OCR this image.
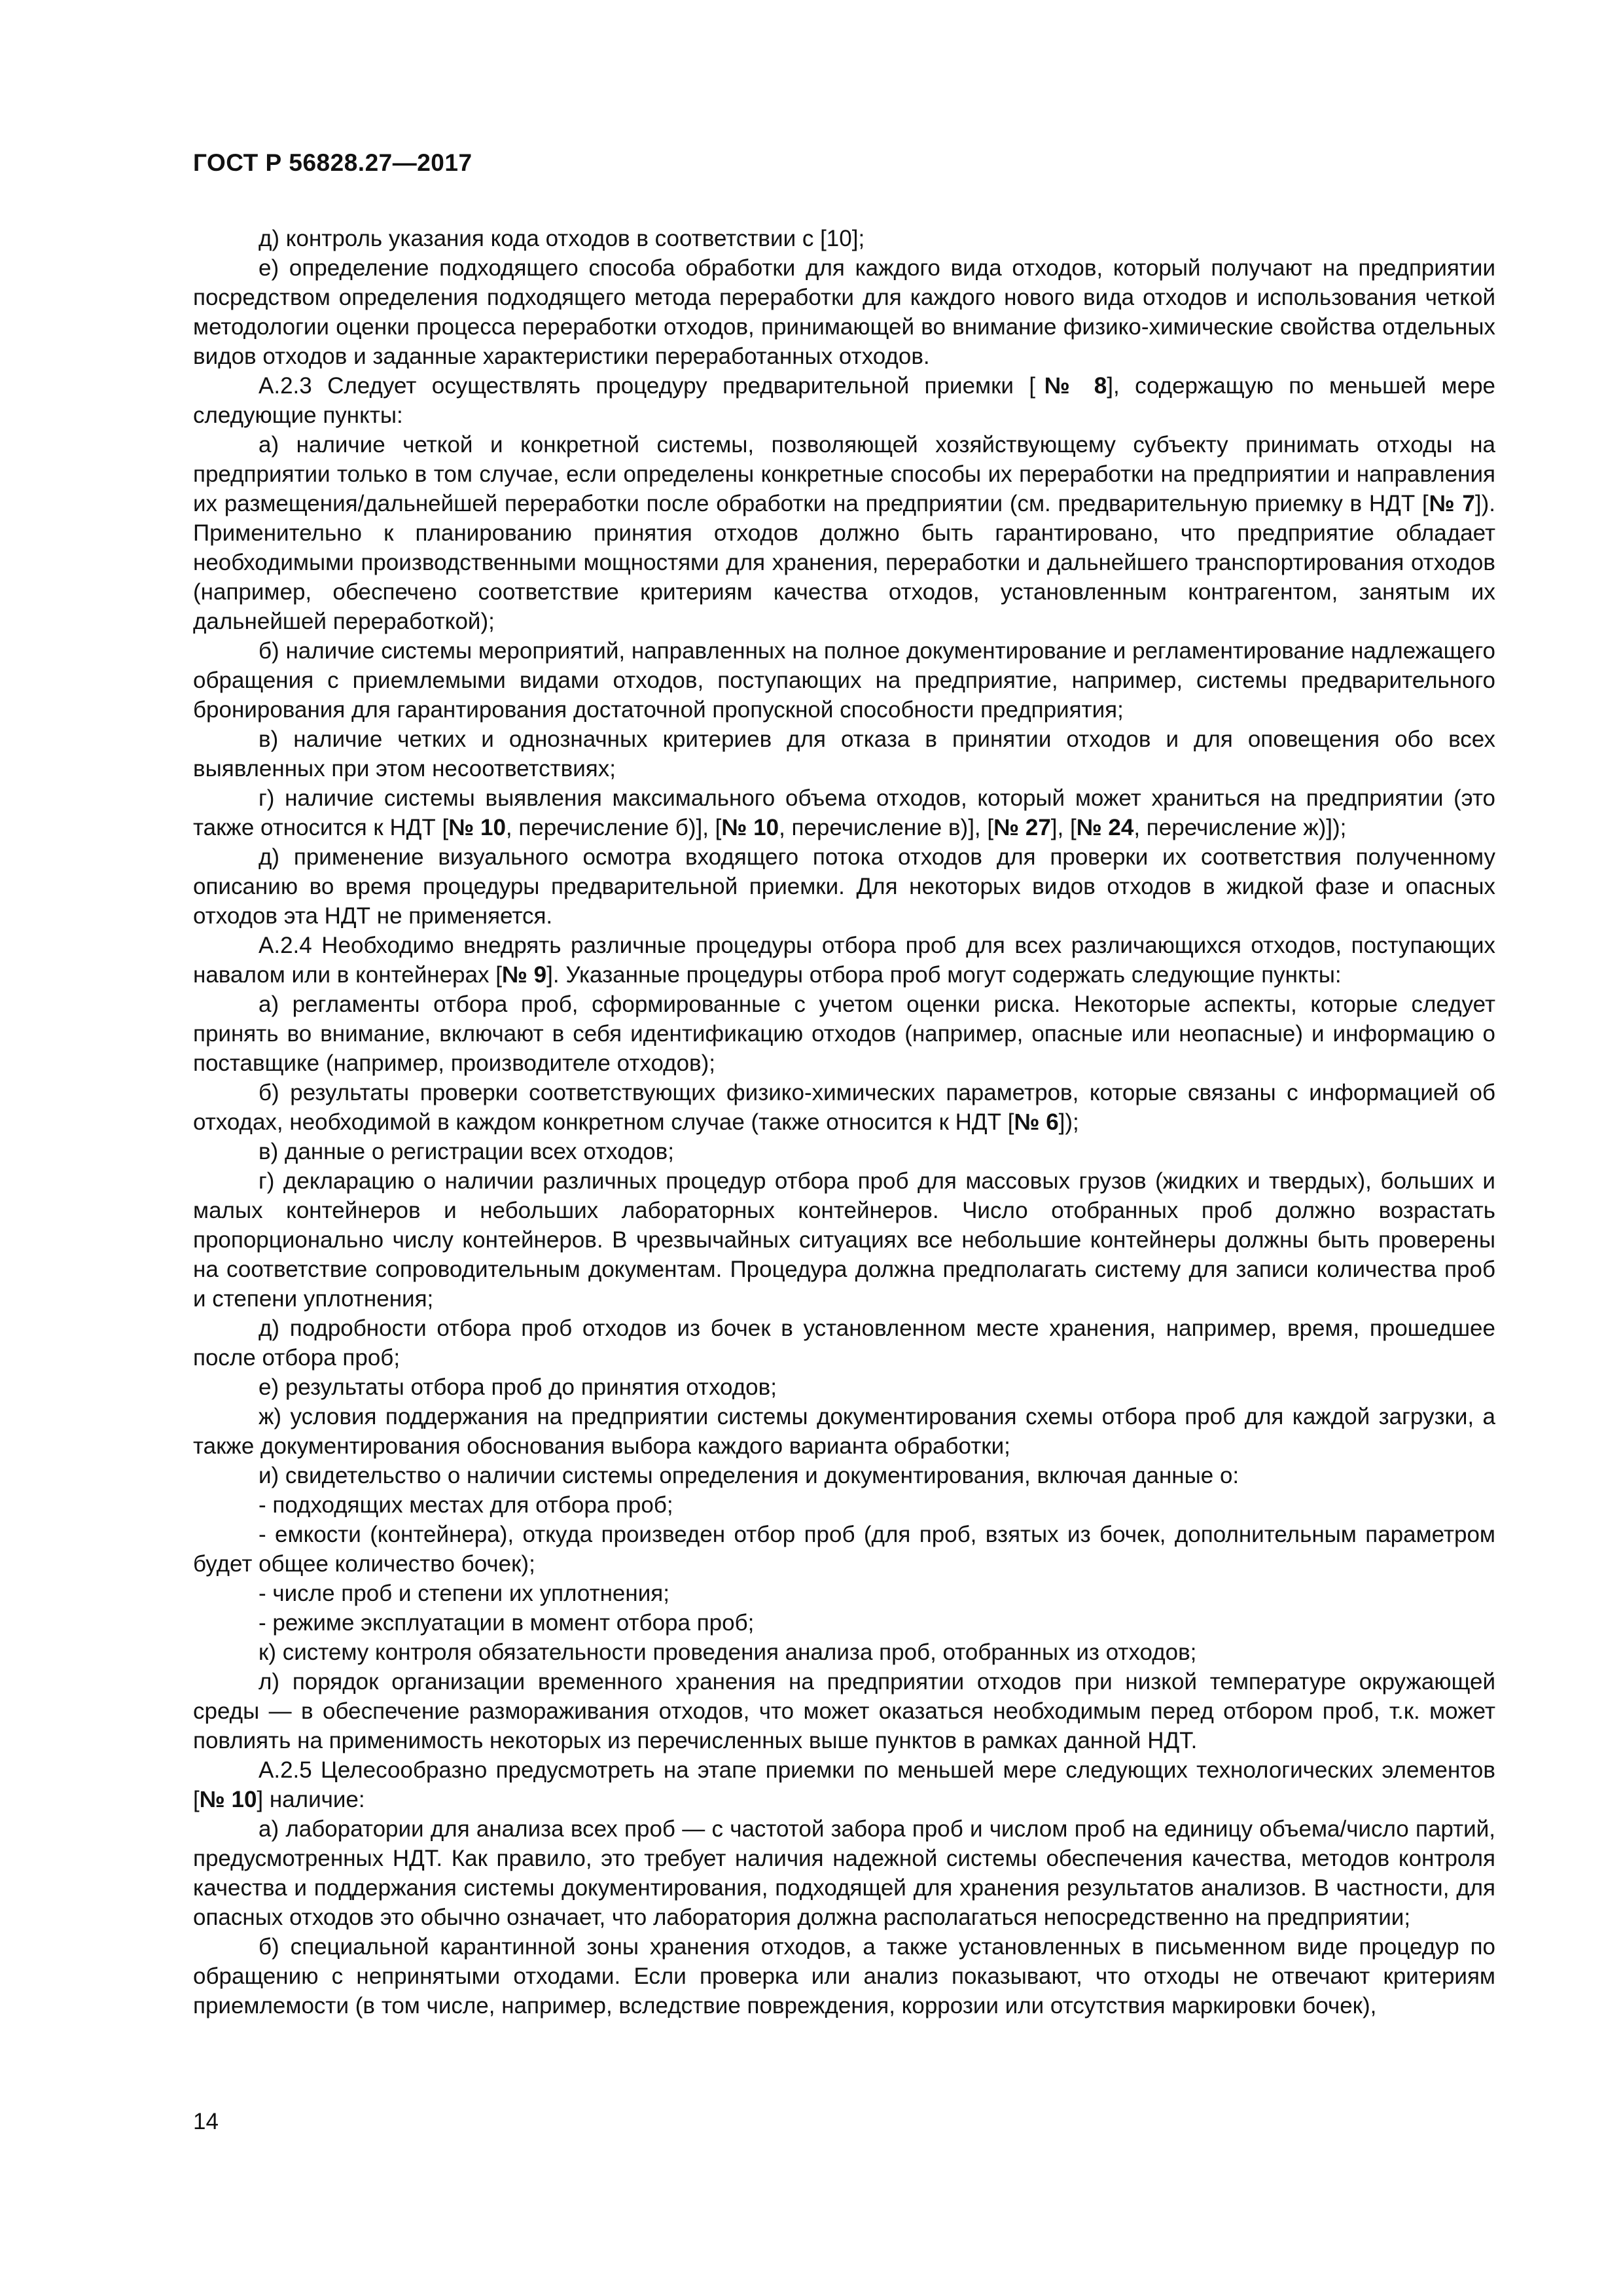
ГОСТ Р 56828.27—2017

д) контроль указания кода отходов в соответствии с [10];

е) определение подходящего способа обработки для каждого вида отходов, который получают на предприятии посредством определения подходящего метода переработки для каждого нового вида отходов и использования четкой методологии оценки процесса переработки отходов, принимающей во внимание физико-химические свойства отдельных видов отходов и заданные характеристики переработанных отходов.

А.2.3 Следует осуществлять процедуру предварительной приемки [№ 8], содержащую по меньшей мере следующие пункты:

а) наличие четкой и конкретной системы, позволяющей хозяйствующему субъекту принимать отходы на предприятии только в том случае, если определены конкретные способы их переработки на предприятии и направления их размещения/дальнейшей переработки после обработки на предприятии (см. предварительную приемку в НДТ [№ 7]). Применительно к планированию принятия отходов должно быть гарантировано, что предприятие обладает необходимыми производственными мощностями для хранения, переработки и дальнейшего транспортирования отходов (например, обеспечено соответствие критериям качества отходов, установленным контрагентом, занятым их дальнейшей переработкой);

б) наличие системы мероприятий, направленных на полное документирование и регламентирование надлежащего обращения с приемлемыми видами отходов, поступающих на предприятие, например, системы предварительного бронирования для гарантирования достаточной пропускной способности предприятия;

в) наличие четких и однозначных критериев для отказа в принятии отходов и для оповещения обо всех выявленных при этом несоответствиях;

г) наличие системы выявления максимального объема отходов, который может храниться на предприятии (это также относится к НДТ [№ 10, перечисление б)], [№ 10, перечисление в)], [№ 27], [№ 24, перечисление ж)]);

д) применение визуального осмотра входящего потока отходов для проверки их соответствия полученному описанию во время процедуры предварительной приемки. Для некоторых видов отходов в жидкой фазе и опасных отходов эта НДТ не применяется.

А.2.4 Необходимо внедрять различные процедуры отбора проб для всех различающихся отходов, поступающих навалом или в контейнерах [№ 9]. Указанные процедуры отбора проб могут содержать следующие пункты:

а) регламенты отбора проб, сформированные с учетом оценки риска. Некоторые аспекты, которые следует принять во внимание, включают в себя идентификацию отходов (например, опасные или неопасные) и информацию о поставщике (например, производителе отходов);

б) результаты проверки соответствующих физико-химических параметров, которые связаны с информацией об отходах, необходимой в каждом конкретном случае (также относится к НДТ [№ 6]);

в) данные о регистрации всех отходов;

г) декларацию о наличии различных процедур отбора проб для массовых грузов (жидких и твердых), больших и малых контейнеров и небольших лабораторных контейнеров. Число отобранных проб должно возрастать пропорционально числу контейнеров. В чрезвычайных ситуациях все небольшие контейнеры должны быть проверены на соответствие сопроводительным документам. Процедура должна предполагать систему для записи количества проб и степени уплотнения;

д) подробности отбора проб отходов из бочек в установленном месте хранения, например, время, прошедшее после отбора проб;

е) результаты отбора проб до принятия отходов;

ж) условия поддержания на предприятии системы документирования схемы отбора проб для каждой загрузки, а также документирования обоснования выбора каждого варианта обработки;

и) свидетельство о наличии системы определения и документирования, включая данные о:

- подходящих местах для отбора проб;

- емкости (контейнера), откуда произведен отбор проб (для проб, взятых из бочек, дополнительным параметром будет общее количество бочек);

- числе проб и степени их уплотнения;

- режиме эксплуатации в момент отбора проб;

к) систему контроля обязательности проведения анализа проб, отобранных из отходов;

л) порядок организации временного хранения на предприятии отходов при низкой температуре окружающей среды — в обеспечение размораживания отходов, что может оказаться необходимым перед отбором проб, т.к. может повлиять на применимость некоторых из перечисленных выше пунктов в рамках данной НДТ.

А.2.5 Целесообразно предусмотреть на этапе приемки по меньшей мере следующих технологических элементов [№ 10] наличие:

а) лаборатории для анализа всех проб — с частотой забора проб и числом проб на единицу объема/число партий, предусмотренных НДТ. Как правило, это требует наличия надежной системы обеспечения качества, методов контроля качества и поддержания системы документирования, подходящей для хранения результатов анализов. В частности, для опасных отходов это обычно означает, что лаборатория должна располагаться непосредственно на предприятии;

б) специальной карантинной зоны хранения отходов, а также установленных в письменном виде процедур по обращению с непринятыми отходами. Если проверка или анализ показывают, что отходы не отвечают критериям приемлемости (в том числе, например, вследствие повреждения, коррозии или отсутствия маркировки бочек),

14
